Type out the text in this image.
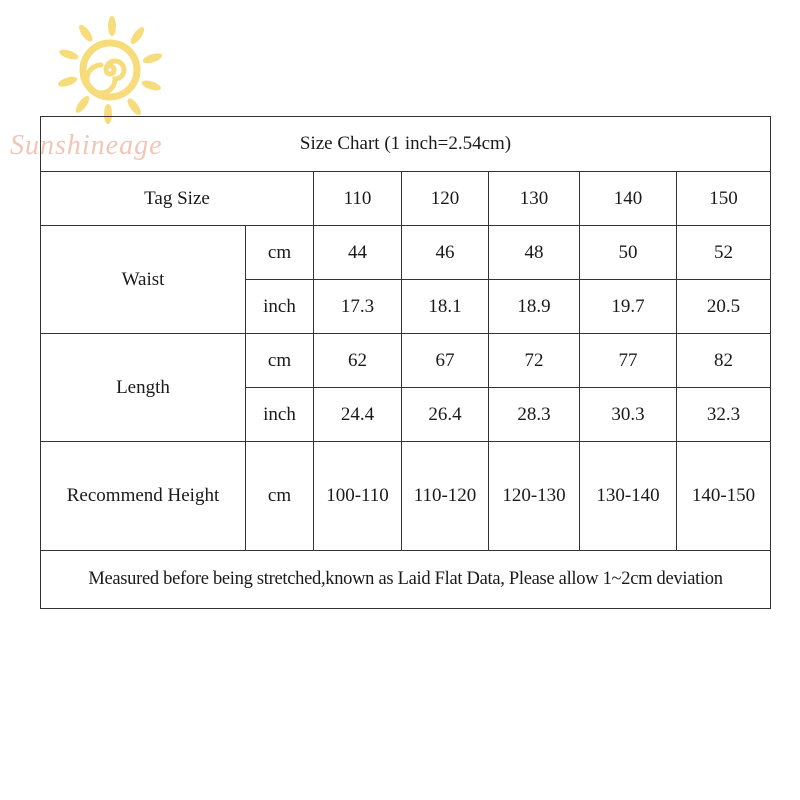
Sunshineage	Size Chart (1 inch=2.54cm)						
Tag Size		110	120	130	140	150
Waist	cm	44	46	48	50	52
	inch	17.3	18.1	18.9	19.7	20.5
Length	cm	62	67	72	77	82
	inch	24.4	26.4	28.3	30.3	32.3
Recommend Height	cm	100-110	110-120	120-130	130-140	140-150
Measured before being stretched,known as Laid Flat Data, Please allow 1~2cm deviation						
